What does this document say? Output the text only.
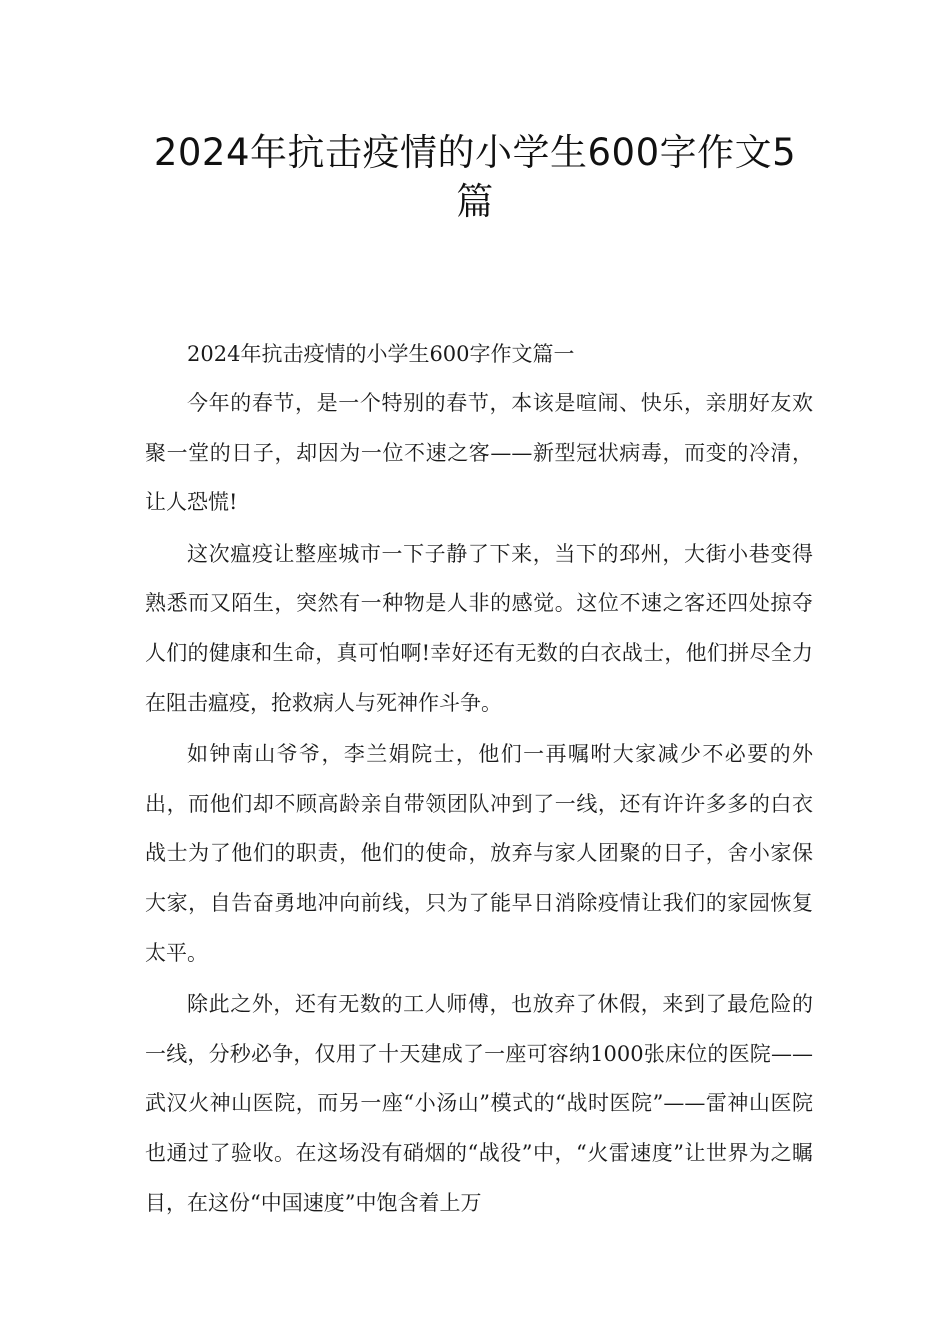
2024年抗击疫情的小学生600字作文5
篇

2024年抗击疫情的小学生600字作文篇一

今年的春节，是一个特别的春节，本该是喧闹、快乐，亲朋好友欢聚一堂的日子，却因为一位不速之客——新型冠状病毒，而变的冷清，让人恐慌!

这次瘟疫让整座城市一下子静了下来，当下的邳州，大街小巷变得熟悉而又陌生，突然有一种物是人非的感觉。这位不速之客还四处掠夺人们的健康和生命，真可怕啊!幸好还有无数的白衣战士，他们拼尽全力在阻击瘟疫，抢救病人与死神作斗争。

如钟南山爷爷，李兰娟院士，他们一再嘱咐大家减少不必要的外出，而他们却不顾高龄亲自带领团队冲到了一线，还有许许多多的白衣战士为了他们的职责，他们的使命，放弃与家人团聚的日子，舍小家保大家，自告奋勇地冲向前线，只为了能早日消除疫情让我们的家园恢复太平。

除此之外，还有无数的工人师傅，也放弃了休假，来到了最危险的一线，分秒必争，仅用了十天建成了一座可容纳1000张床位的医院——武汉火神山医院，而另一座“小汤山”模式的“战时医院”——雷神山医院也通过了验收。在这场没有硝烟的“战役”中，“火雷速度”让世界为之瞩目，在这份“中国速度”中饱含着上万
